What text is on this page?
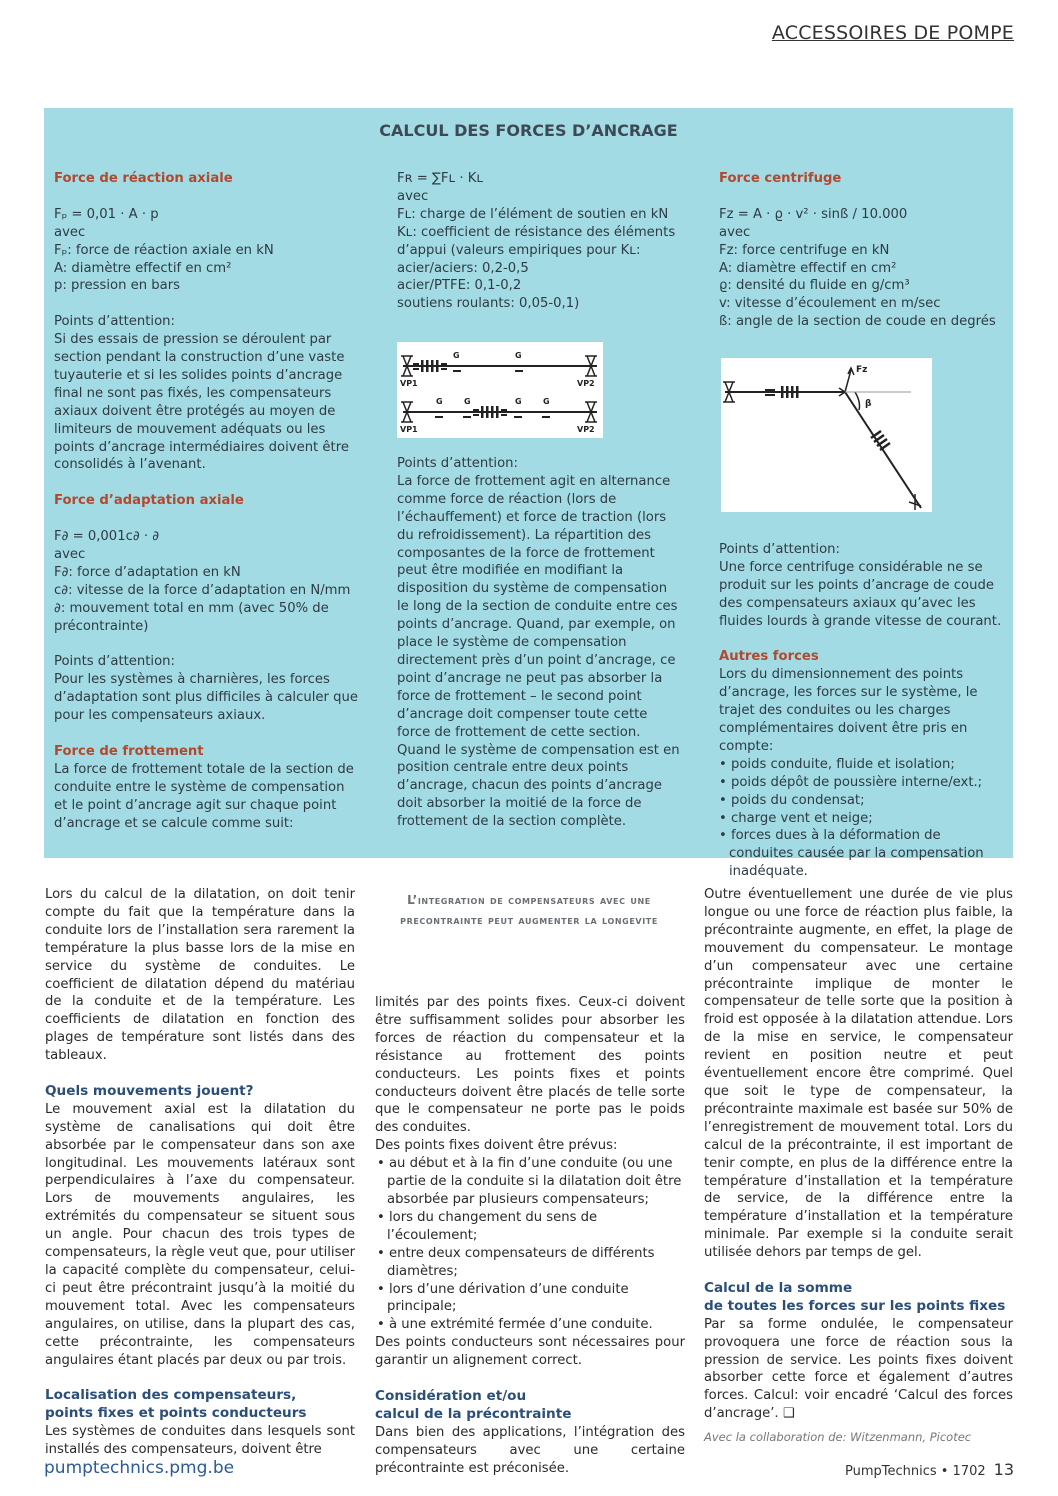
ACCESSOIRES DE POMPE
CALCUL DES FORCES D’ANCRAGE

Force de réaction axiale

Fₚ = 0,01 · A · p

avec

Fₚ: force de réaction axiale en kN

A: diamètre effectif en cm²

p: pression en bars

Points d’attention:

Si des essais de pression se déroulent par section pendant la construction d’une vaste tuyauterie et si les solides points d’ancrage final ne sont pas fixés, les compensateurs axiaux doivent être protégés au moyen de limiteurs de mouvement adéquats ou les points d’ancrage intermédiaires doivent être consolidés à l’avenant.

Force d’adaptation axiale

F∂ = 0,001c∂ · ∂

avec

F∂: force d’adaptation en kN

c∂: vitesse de la force d’adaptation en N/mm

∂: mouvement total en mm (avec 50% de précontrainte)

Points d’attention:

Pour les systèmes à charnières, les forces d’adaptation sont plus difficiles à calculer que pour les compensateurs axiaux.

Force de frottement

La force de frottement totale de la section de conduite entre le système de compensation et le point d’ancrage agit sur chaque point d’ancrage et se calcule comme suit:

Fʀ = ∑Fʟ · Kʟ

avec

Fʟ: charge de l’élément de soutien en kN

Kʟ: coefficient de résistance des éléments d’appui (valeurs empiriques pour Kʟ:

acier/aciers: 0,2-0,5

acier/PTFE: 0,1-0,2

soutiens roulants: 0,05-0,1)

G	G
G	G	G	G
VP1	VP2
VP1	VP2

Points d’attention:

La force de frottement agit en alternance comme force de réaction (lors de l’échauffement) et force de traction (lors du refroidissement). La répartition des composantes de la force de frottement peut être modifiée en modifiant la disposition du système de compensation le long de la section de conduite entre ces points d’ancrage. Quand, par exemple, on place le système de compensation directement près d’un point d’ancrage, ce point d’ancrage ne peut pas absorber la force de frottement – le second point d’ancrage doit compenser toute cette force de frottement de cette section.

Quand le système de compensation est en position centrale entre deux points d’ancrage, chacun des points d’ancrage doit absorber la moitié de la force de frottement de la section complète.

Force centrifuge

Fz = A · ϱ · v² · sinß / 10.000

avec

Fz: force centrifuge en kN

A: diamètre effectif en cm²

ϱ: densité du fluide en g/cm³

v: vitesse d’écoulement en m/sec

ß: angle de la section de coude en degrés

Fz
β

Points d’attention:

Une force centrifuge considérable ne se produit sur les points d’ancrage de coude des compensateurs axiaux qu’avec les fluides lourds à grande vitesse de courant.

Autres forces

Lors du dimensionnement des points d’ancrage, les forces sur le système, le trajet des conduites ou les charges complémentaires doivent être pris en compte:

• poids conduite, fluide et isolation;

• poids dépôt de poussière interne/ext.;

• poids du condensat;

• charge vent et neige;

• forces dues à la déformation de conduites causée par la compensation inadéquate.

Lors du calcul de la dilatation, on doit tenir compte du fait que la température dans la conduite lors de l’installation sera rarement la température la plus basse lors de la mise en service du système de conduites. Le coefficient de dilatation dépend du matériau de la conduite et de la température. Les coefficients de dilatation en fonction des plages de température sont listés dans des tableaux.

Quels mouvements jouent?

Le mouvement axial est la dilatation du système de canalisations qui doit être absorbée par le compensateur dans son axe longitudinal. Les mouvements latéraux sont perpendiculaires à l’axe du compensateur. Lors de mouvements angulaires, les extrémités du compensateur se situent sous un angle. Pour chacun des trois types de compensateurs, la règle veut que, pour utiliser la capacité complète du compensateur, celui-ci peut être précontraint jusqu’à la moitié du mouvement total. Avec les compensateurs angulaires, on utilise, dans la plupart des cas, cette précontrainte, les compensateurs angulaires étant placés par deux ou par trois.

Localisation des compensateurs,

points fixes et points conducteurs

Les systèmes de conduites dans lesquels sont installés des compensateurs, doivent être

L’integration de compensateurs avec une precontrainte peut augmenter la longevite

limités par des points fixes. Ceux-ci doivent être suffisamment solides pour absorber les forces de réaction du compensateur et la résistance au frottement des points conducteurs. Les points fixes et points conducteurs doivent être placés de telle sorte que le compensateur ne porte pas le poids des conduites.

Des points fixes doivent être prévus:

• au début et à la fin d’une conduite (ou une partie de la conduite si la dilatation doit être absorbée par plusieurs compensateurs;

• lors du changement du sens de l’écoulement;

• entre deux compensateurs de différents diamètres;

• lors d’une dérivation d’une conduite principale;

• à une extrémité fermée d’une conduite.

Des points conducteurs sont nécessaires pour garantir un alignement correct.

Considération et/ou

calcul de la précontrainte

Dans bien des applications, l’intégration des compensateurs avec une certaine précontrainte est préconisée.

Outre éventuellement une durée de vie plus longue ou une force de réaction plus faible, la précontrainte augmente, en effet, la plage de mouvement du compensateur. Le montage d’un compensateur avec une certaine précontrainte implique de monter le compensateur de telle sorte que la position à froid est opposée à la dilatation attendue. Lors de la mise en service, le compensateur revient en position neutre et peut éventuellement encore être comprimé. Quel que soit le type de compensateur, la précontrainte maximale est basée sur 50% de l’enregistrement de mouvement total. Lors du calcul de la précontrainte, il est important de tenir compte, en plus de la différence entre la température d’installation et la température de service, de la différence entre la température d’installation et la température minimale. Par exemple si la conduite serait utilisée dehors par temps de gel.

Calcul de la somme

de toutes les forces sur les points fixes

Par sa forme ondulée, le compensateur provoquera une force de réaction sous la pression de service. Les points fixes doivent absorber cette force et également d’autres forces. Calcul: voir encadré ‘Calcul des forces d’ancrage’. ❑

Avec la collaboration de: Witzenmann, Picotec
pumptechnics.pmg.be	PumpTechnics • 1702 13
